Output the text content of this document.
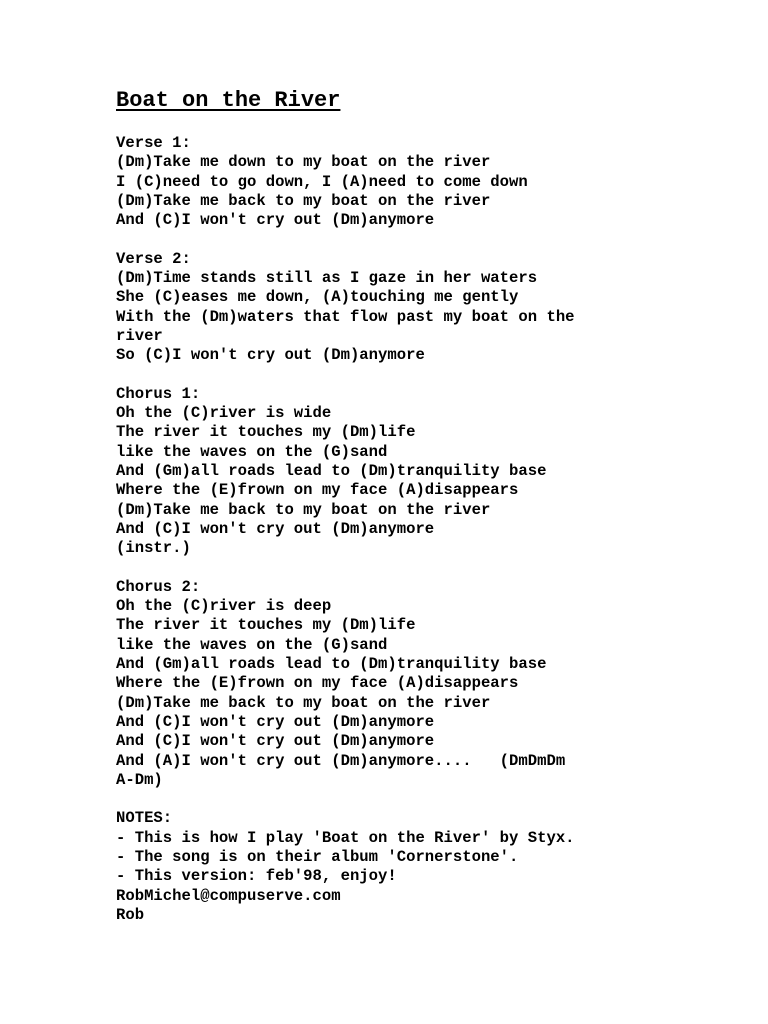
Boat on the River
Verse 1:
(Dm)Take me down to my boat on the river
I (C)need to go down, I (A)need to come down
(Dm)Take me back to my boat on the river
And (C)I won't cry out (Dm)anymore
Verse 2:
(Dm)Time stands still as I gaze in her waters
She (C)eases me down, (A)touching me gently
With the (Dm)waters that flow past my boat on the
river
So (C)I won't cry out (Dm)anymore
Chorus 1:
Oh the (C)river is wide
The river it touches my (Dm)life
like the waves on the (G)sand
And (Gm)all roads lead to (Dm)tranquility base
Where the (E)frown on my face (A)disappears
(Dm)Take me back to my boat on the river
And (C)I won't cry out (Dm)anymore
(instr.)
Chorus 2:
Oh the (C)river is deep
The river it touches my (Dm)life
like the waves on the (G)sand
And (Gm)all roads lead to (Dm)tranquility base
Where the (E)frown on my face (A)disappears
(Dm)Take me back to my boat on the river
And (C)I won't cry out (Dm)anymore
And (C)I won't cry out (Dm)anymore
And (A)I won't cry out (Dm)anymore....   (DmDmDm
A-Dm)
NOTES:
- This is how I play 'Boat on the River' by Styx.
- The song is on their album 'Cornerstone'.
- This version: feb'98, enjoy!
RobMichel@compuserve.com
Rob
